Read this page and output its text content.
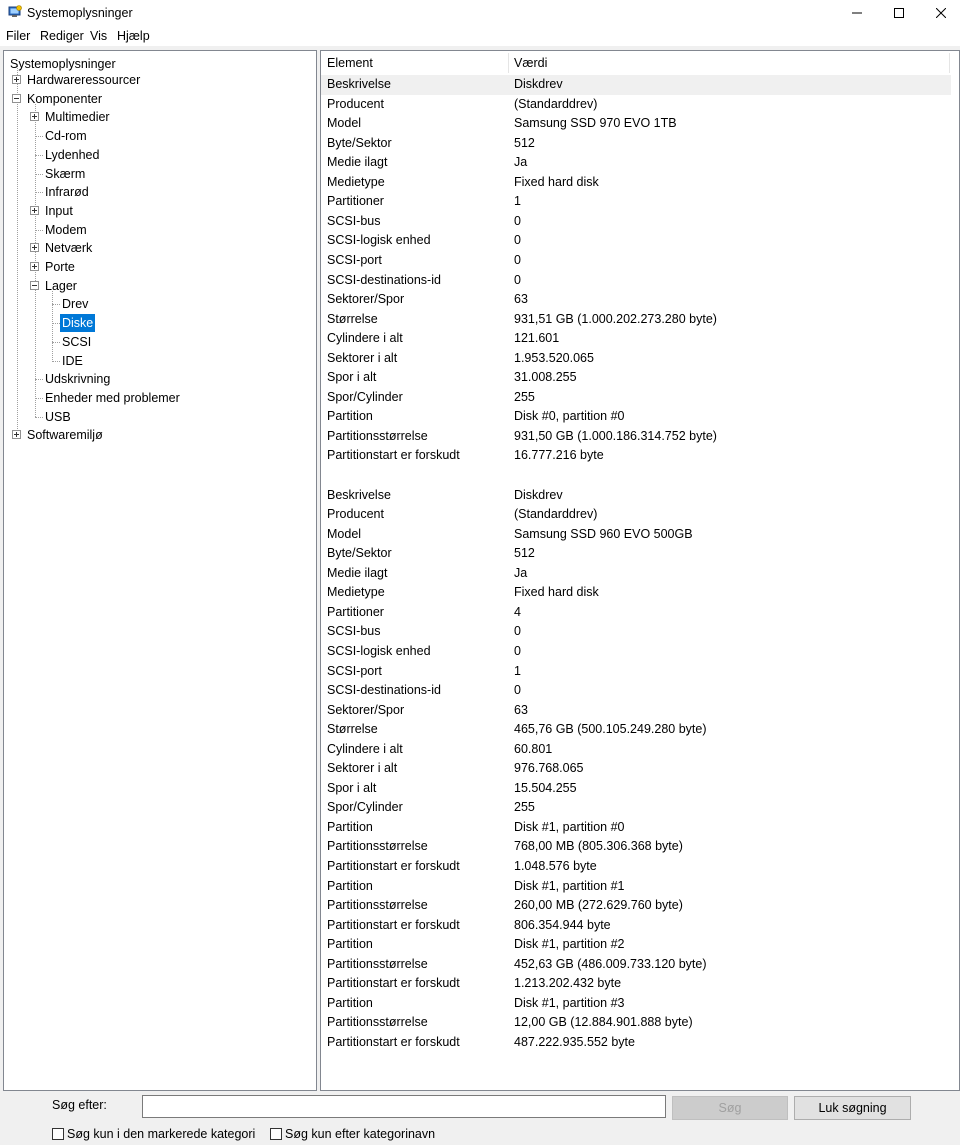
Systemoplysninger
Filer Rediger Vis Hjælp
Systemoplysninger
Hardwareressourcer
Komponenter
Multimedier
Cd-rom
Lydenhed
Skærm
Infrarød
Input
Modem
Netværk
Porte
Lager
Drev
Diske
SCSI
IDE
Udskrivning
Enheder med problemer
USB
Softwaremiljø
Element	Værdi
Beskrivelse	Diskdrev
Producent	(Standarddrev)
Model	Samsung SSD 970 EVO 1TB
Byte/Sektor	512
Medie ilagt	Ja
Medietype	Fixed hard disk
Partitioner	1
SCSI-bus	0
SCSI-logisk enhed	0
SCSI-port	0
SCSI-destinations-id	0
Sektorer/Spor	63
Størrelse	931,51 GB (1.000.202.273.280 byte)
Cylindere i alt	121.601
Sektorer i alt	1.953.520.065
Spor i alt	31.008.255
Spor/Cylinder	255
Partition	Disk #0, partition #0
Partitionsstørrelse	931,50 GB (1.000.186.314.752 byte)
Partitionstart er forskudt	16.777.216 byte
Beskrivelse	Diskdrev
Producent	(Standarddrev)
Model	Samsung SSD 960 EVO 500GB
Byte/Sektor	512
Medie ilagt	Ja
Medietype	Fixed hard disk
Partitioner	4
SCSI-bus	0
SCSI-logisk enhed	0
SCSI-port	1
SCSI-destinations-id	0
Sektorer/Spor	63
Størrelse	465,76 GB (500.105.249.280 byte)
Cylindere i alt	60.801
Sektorer i alt	976.768.065
Spor i alt	15.504.255
Spor/Cylinder	255
Partition	Disk #1, partition #0
Partitionsstørrelse	768,00 MB (805.306.368 byte)
Partitionstart er forskudt	1.048.576 byte
Partition	Disk #1, partition #1
Partitionsstørrelse	260,00 MB (272.629.760 byte)
Partitionstart er forskudt	806.354.944 byte
Partition	Disk #1, partition #2
Partitionsstørrelse	452,63 GB (486.009.733.120 byte)
Partitionstart er forskudt	1.213.202.432 byte
Partition	Disk #1, partition #3
Partitionsstørrelse	12,00 GB (12.884.901.888 byte)
Partitionstart er forskudt	487.222.935.552 byte
Søg efter:	Søg	Luk søgning
Søg kun i den markerede kategori	Søg kun efter kategorinavn
